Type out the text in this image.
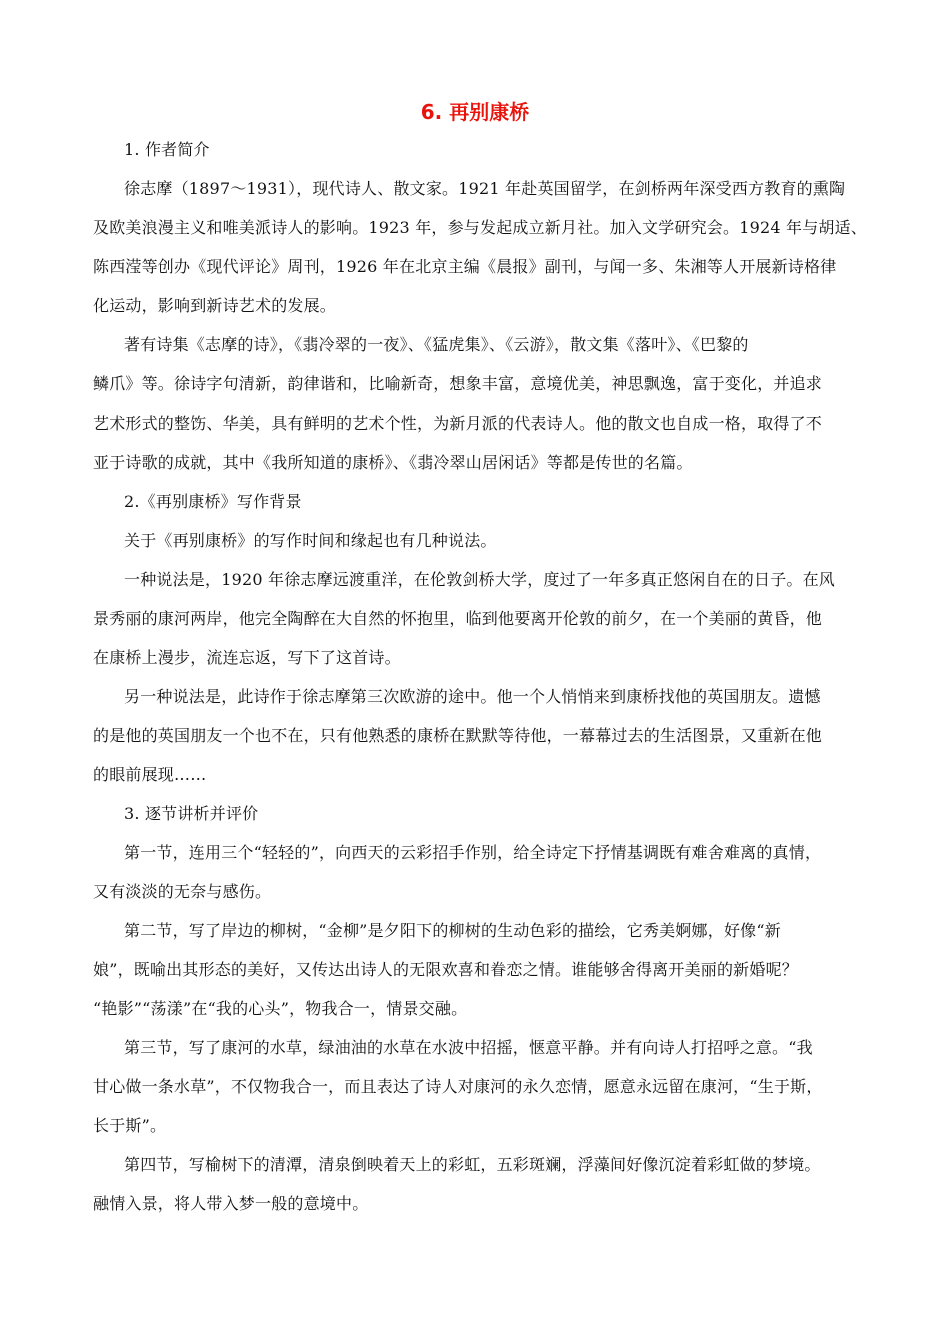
6. 再别康桥
1. 作者简介
徐志摩（1897～1931），现代诗人、散文家。1921 年赴英国留学，在剑桥两年深受西方教育的熏陶
及欧美浪漫主义和唯美派诗人的影响。1923 年，参与发起成立新月社。加入文学研究会。1924 年与胡适、
陈西滢等创办《现代评论》周刊，1926 年在北京主编《晨报》副刊，与闻一多、朱湘等人开展新诗格律
化运动，影响到新诗艺术的发展。
著有诗集《志摩的诗》，《翡冷翠的一夜》、《猛虎集》、《云游》，散文集《落叶》、《巴黎的
鳞爪》等。徐诗字句清新，韵律谐和，比喻新奇，想象丰富，意境优美，神思飘逸，富于变化，并追求
艺术形式的整饬、华美，具有鲜明的艺术个性，为新月派的代表诗人。他的散文也自成一格，取得了不
亚于诗歌的成就，其中《我所知道的康桥》、《翡冷翠山居闲话》等都是传世的名篇。
2.《再别康桥》写作背景
关于《再别康桥》的写作时间和缘起也有几种说法。
一种说法是，1920 年徐志摩远渡重洋，在伦敦剑桥大学，度过了一年多真正悠闲自在的日子。在风
景秀丽的康河两岸，他完全陶醉在大自然的怀抱里，临到他要离开伦敦的前夕，在一个美丽的黄昏，他
在康桥上漫步，流连忘返，写下了这首诗。
另一种说法是，此诗作于徐志摩第三次欧游的途中。他一个人悄悄来到康桥找他的英国朋友。遗憾
的是他的英国朋友一个也不在，只有他熟悉的康桥在默默等待他，一幕幕过去的生活图景，又重新在他
的眼前展现……
3. 逐节讲析并评价
第一节，连用三个“轻轻的”，向西天的云彩招手作别，给全诗定下抒情基调既有难舍难离的真情，
又有淡淡的无奈与感伤。
第二节，写了岸边的柳树，“金柳”是夕阳下的柳树的生动色彩的描绘，它秀美婀娜，好像“新
娘”，既喻出其形态的美好，又传达出诗人的无限欢喜和眷恋之情。谁能够舍得离开美丽的新婚呢？
“艳影”“荡漾”在“我的心头”，物我合一，情景交融。
第三节，写了康河的水草，绿油油的水草在水波中招摇，惬意平静。并有向诗人打招呼之意。“我
甘心做一条水草”，不仅物我合一，而且表达了诗人对康河的永久恋情，愿意永远留在康河，“生于斯，
长于斯”。
第四节，写榆树下的清潭，清泉倒映着天上的彩虹，五彩斑斓，浮藻间好像沉淀着彩虹做的梦境。
融情入景，将人带入梦一般的意境中。
